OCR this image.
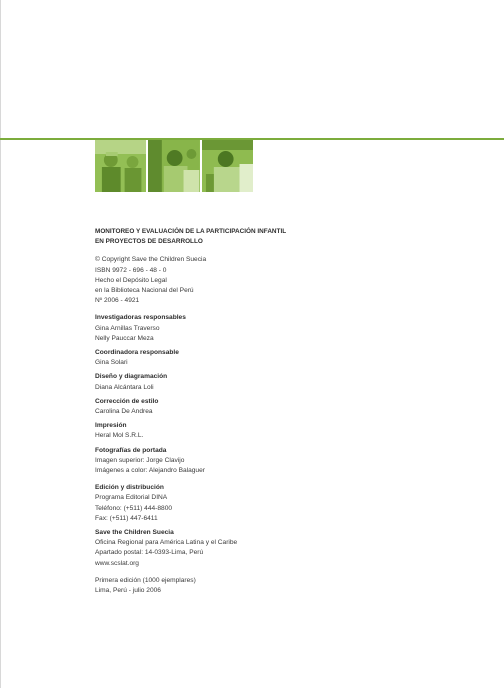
MONITOREO Y EVALUACIÓN DE LA PARTICIPACIÓN INFANTIL
EN PROYECTOS DE DESARROLLO
© Copyright Save the Children Suecia
ISBN 9972 - 696 - 48 - 0
Hecho el Depósito Legal
en la Biblioteca Nacional del Perú
Nº 2006 - 4921
Investigadoras responsables
Gina Arnillas Traverso
Nelly Pauccar Meza
Coordinadora responsable
Gina Solari
Diseño y diagramación
Diana Alcántara Loli
Corrección de estilo
Carolina De Andrea
Impresión
Heral Mol S.R.L.
Fotografías de portada
Imagen superior: Jorge Clavijo
Imágenes a color: Alejandro Balaguer
Edición y distribución
Programa Editorial DINA
Teléfono: (+511) 444-8800
Fax: (+511) 447-6411
Save the Children Suecia
Oficina Regional para América Latina y el Caribe
Apartado postal: 14-0393-Lima, Perú
www.scslat.org
Primera edición (1000 ejemplares)
Lima, Perú - julio 2006
